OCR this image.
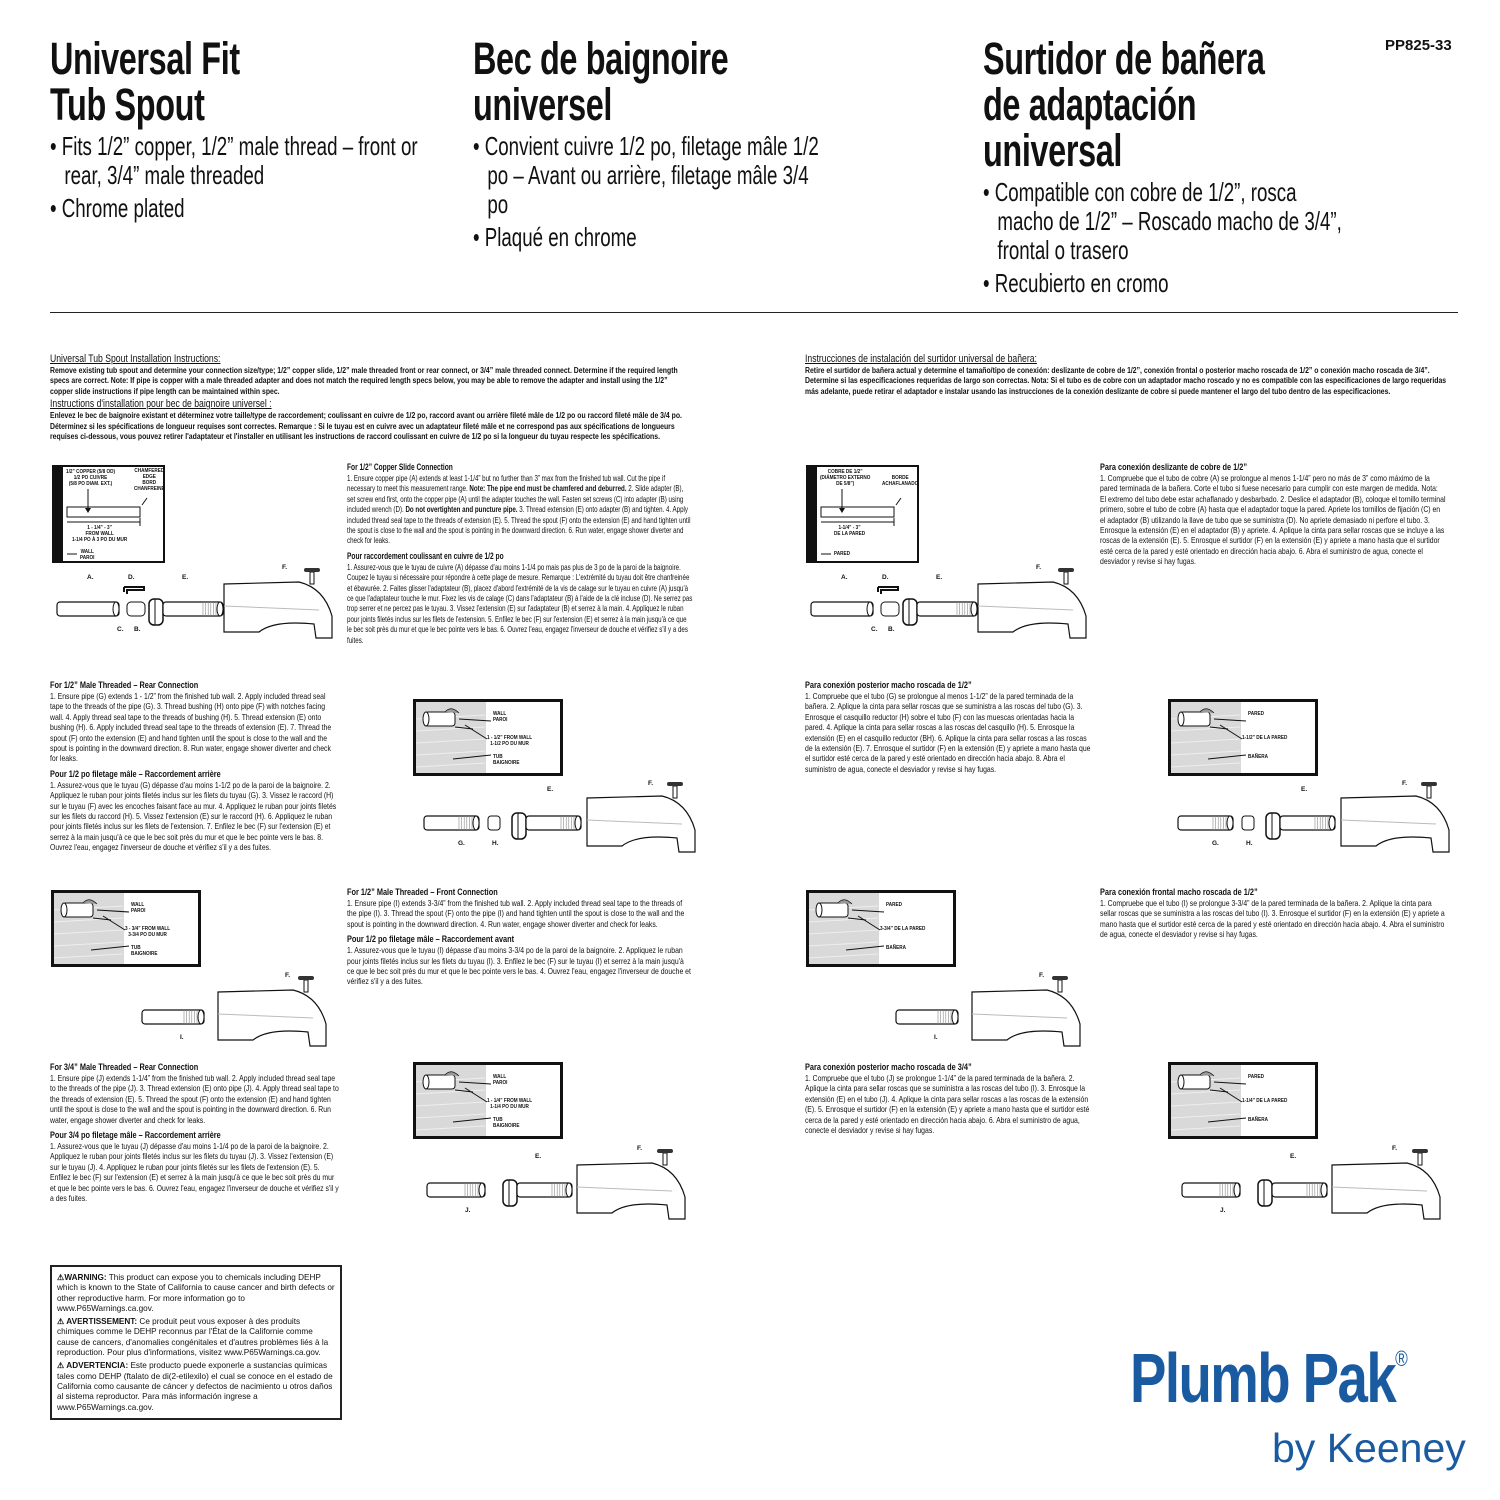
Universal Fit
Tub Spout
• Fits 1/2” copper, 1/2” male thread – front or rear, 3/4” male threaded
• Chrome plated
Bec de baignoire
universel
• Convient cuivre 1/2 po, filetage mâle 1/2 po – Avant ou arrière, filetage mâle 3/4 po
• Plaqué en chrome
Surtidor de bañera
de adaptación
universal
• Compatible con cobre de 1/2”, rosca macho de 1/2” – Roscado macho de 3/4”, frontal o trasero
• Recubierto en cromo
PP825-33
Universal Tub Spout Installation Instructions:

Remove existing tub spout and determine your connection size/type; 1/2” copper slide, 1/2” male threaded front or rear connect, or 3/4” male threaded connect. Determine if the required length specs are correct. Note: If pipe is copper with a male threaded adapter and does not match the required length specs below, you may be able to remove the adapter and install using the 1/2” copper slide instructions if pipe length can be maintained within spec.

Instructions d'installation pour bec de baignoire universel :

Enlevez le bec de baignoire existant et déterminez votre taille/type de raccordement; coulissant en cuivre de 1/2 po, raccord avant ou arrière fileté mâle de 1/2 po ou raccord fileté mâle de 3/4 po. Déterminez si les spécifications de longueur requises sont correctes. Remarque : Si le tuyau est en cuivre avec un adaptateur fileté mâle et ne correspond pas aux spécifications de longueurs requises ci-dessous, vous pouvez retirer l'adaptateur et l'installer en utilisant les instructions de raccord coulissant en cuivre de 1/2 po si la longueur du tuyau respecte les spécifications.

Instrucciones de instalación del surtidor universal de bañera:

Retire el surtidor de bañera actual y determine el tamaño/tipo de conexión: deslizante de cobre de 1/2”, conexión frontal o posterior macho roscada de 1/2” o conexión macho roscada de 3/4”. Determine si las especificaciones requeridas de largo son correctas. Nota: Si el tubo es de cobre con un adaptador macho roscado y no es compatible con las especificaciones de largo requeridas más adelante, puede retirar el adaptador e instalar usando las instrucciones de la conexión deslizante de cobre si puede mantener el largo del tubo dentro de las especificaciones.

For 1/2” Copper Slide Connection

1. Ensure copper pipe (A) extends at least 1-1/4” but no further than 3” max from the finished tub wall. Cut the pipe if necessary to meet this measurement range. Note: The pipe end must be chamfered and deburred. 2. Slide adapter (B), set screw end first, onto the copper pipe (A) until the adapter touches the wall. Fasten set screws (C) into adapter (B) using included wrench (D). Do not overtighten and puncture pipe. 3. Thread extension (E) onto adapter (B) and tighten. 4. Apply included thread seal tape to the threads of extension (E). 5. Thread the spout (F) onto the extension (E) and hand tighten until the spout is close to the wall and the spout is pointing in the downward direction. 6. Run water, engage shower diverter and check for leaks.

Pour raccordement coulissant en cuivre de 1/2 po

1. Assurez-vous que le tuyau de cuivre (A) dépasse d'au moins 1-1/4 po mais pas plus de 3 po de la paroi de la baignoire. Coupez le tuyau si nécessaire pour répondre à cette plage de mesure. Remarque : L'extrémité du tuyau doit être chanfreinée et ébavurée. 2. Faites glisser l'adaptateur (B), placez d'abord l'extrémité de la vis de calage sur le tuyau en cuivre (A) jusqu'à ce que l'adaptateur touche le mur. Fixez les vis de calage (C) dans l'adaptateur (B) à l'aide de la clé incluse (D). Ne serrez pas trop serrer et ne percez pas le tuyau. 3. Vissez l'extension (E) sur l'adaptateur (B) et serrez à la main. 4. Appliquez le ruban pour joints filetés inclus sur les filets de l'extension. 5. Enfilez le bec (F) sur l'extension (E) et serrez à la main jusqu'à ce que le bec soit près du mur et que le bec pointe vers le bas. 6. Ouvrez l'eau, engagez l'inverseur de douche et vérifiez s'il y a des fuites.

Para conexión deslizante de cobre de 1/2”

1. Compruebe que el tubo de cobre (A) se prolongue al menos 1-1/4” pero no más de 3” como máximo de la pared terminada de la bañera. Corte el tubo si fuese necesario para cumplir con este margen de medida. Nota: El extremo del tubo debe estar achaflanado y desbarbado. 2. Deslice el adaptador (B), coloque el tornillo terminal primero, sobre el tubo de cobre (A) hasta que el adaptador toque la pared. Apriete los tornillos de fijación (C) en el adaptador (B) utilizando la llave de tubo que se suministra (D). No apriete demasiado ni perfore el tubo. 3. Enrosque la extensión (E) en el adaptador (B) y apriete. 4. Aplique la cinta para sellar roscas que se incluye a las roscas de la extensión (E). 5. Enrosque el surtidor (F) en la extensión (E) y apriete a mano hasta que el surtidor esté cerca de la pared y esté orientado en dirección hacia abajo. 6. Abra el suministro de agua, conecte el desviador y revise si hay fugas.

For 1/2” Male Threaded – Rear Connection

1. Ensure pipe (G) extends 1 - 1/2” from the finished tub wall. 2. Apply included thread seal tape to the threads of the pipe (G). 3. Thread bushing (H) onto pipe (F) with notches facing wall. 4. Apply thread seal tape to the threads of bushing (H). 5. Thread extension (E) onto bushing (H). 6. Apply included thread seal tape to the threads of extension (E). 7. Thread the spout (F) onto the extension (E) and hand tighten until the spout is close to the wall and the spout is pointing in the downward direction. 8. Run water, engage shower diverter and check for leaks.

Pour 1/2 po filetage mâle – Raccordement arrière

1. Assurez-vous que le tuyau (G) dépasse d'au moins 1-1/2 po de la paroi de la baignoire. 2. Appliquez le ruban pour joints filetés inclus sur les filets du tuyau (G). 3. Vissez le raccord (H) sur le tuyau (F) avec les encoches faisant face au mur. 4. Appliquez le ruban pour joints filetés sur les filets du raccord (H). 5. Vissez l'extension (E) sur le raccord (H). 6. Appliquez le ruban pour joints filetés inclus sur les filets de l'extension. 7. Enfilez le bec (F) sur l'extension (E) et serrez à la main jusqu'à ce que le bec soit près du mur et que le bec pointe vers le bas. 8. Ouvrez l'eau, engagez l'inverseur de douche et vérifiez s'il y a des fuites.

Para conexión posterior macho roscada de 1/2”

1. Compruebe que el tubo (G) se prolongue al menos 1-1/2” de la pared terminada de la bañera. 2. Aplique la cinta para sellar roscas que se suministra a las roscas del tubo (G). 3. Enrosque el casquillo reductor (H) sobre el tubo (F) con las muescas orientadas hacia la pared. 4. Aplique la cinta para sellar roscas a las roscas del casquillo (H). 5. Enrosque la extensión (E) en el casquillo reductor (BH). 6. Aplique la cinta para sellar roscas a las roscas de la extensión (E). 7. Enrosque el surtidor (F) en la extensión (E) y apriete a mano hasta que el surtidor esté cerca de la pared y esté orientado en dirección hacia abajo. 8. Abra el suministro de agua, conecte el desviador y revise si hay fugas.

For 1/2” Male Threaded – Front Connection

1. Ensure pipe (I) extends 3-3/4” from the finished tub wall. 2. Apply included thread seal tape to the threads of the pipe (I). 3. Thread the spout (F) onto the pipe (I) and hand tighten until the spout is close to the wall and the spout is pointing in the downward direction. 4. Run water, engage shower diverter and check for leaks.

Pour 1/2 po filetage mâle – Raccordement avant

1. Assurez-vous que le tuyau (I) dépasse d'au moins 3-3/4 po de la paroi de la baignoire. 2. Appliquez le ruban pour joints filetés inclus sur les filets du tuyau (I). 3. Enfilez le bec (F) sur le tuyau (I) et serrez à la main jusqu'à ce que le bec soit près du mur et que le bec pointe vers le bas. 4. Ouvrez l'eau, engagez l'inverseur de douche et vérifiez s'il y a des fuites.

Para conexión frontal macho roscada de 1/2”

1. Compruebe que el tubo (I) se prolongue 3-3/4” de la pared terminada de la bañera. 2. Aplique la cinta para sellar roscas que se suministra a las roscas del tubo (I). 3. Enrosque el surtidor (F) en la extensión (E) y apriete a mano hasta que el surtidor esté cerca de la pared y esté orientado en dirección hacia abajo. 4. Abra el suministro de agua, conecte el desviador y revise si hay fugas.

For 3/4” Male Threaded – Rear Connection

1. Ensure pipe (J) extends 1-1/4” from the finished tub wall. 2. Apply included thread seal tape to the threads of the pipe (J). 3. Thread extension (E) onto pipe (J). 4. Apply thread seal tape to the threads of extension (E). 5. Thread the spout (F) onto the extension (E) and hand tighten until the spout is close to the wall and the spout is pointing in the downward direction. 6. Run water, engage shower diverter and check for leaks.

Pour 3/4 po filetage mâle – Raccordement arrière

1. Assurez-vous que le tuyau (J) dépasse d'au moins 1-1/4 po de la paroi de la baignoire. 2. Appliquez le ruban pour joints filetés inclus sur les filets du tuyau (J). 3. Vissez l'extension (E) sur le tuyau (J). 4. Appliquez le ruban pour joints filetés sur les filets de l'extension (E). 5. Enfilez le bec (F) sur l'extension (E) et serrez à la main jusqu'à ce que le bec soit près du mur et que le bec pointe vers le bas. 6. Ouvrez l'eau, engagez l'inverseur de douche et vérifiez s'il y a des fuites.

Para conexión posterior macho roscada de 3/4”

1. Compruebe que el tubo (J) se prolongue 1-1/4” de la pared terminada de la bañera. 2. Aplique la cinta para sellar roscas que se suministra a las roscas del tubo (I). 3. Enrosque la extensión (E) en el tubo (J). 4. Aplique la cinta para sellar roscas a las roscas de la extensión (E). 5. Enrosque el surtidor (F) en la extensión (E) y apriete a mano hasta que el surtidor esté cerca de la pared y esté orientado en dirección hacia abajo. 6. Abra el suministro de agua, conecte el desviador y revise si hay fugas.

⚠WARNING: This product can expose you to chemicals including DEHP which is known to the State of California to cause cancer and birth defects or other reproductive harm. For more information go to www.P65Warnings.ca.gov.

⚠ AVERTISSEMENT: Ce produit peut vous exposer à des produits chimiques comme le DEHP reconnus par l'État de la Californie comme cause de cancers, d'anomalies congénitales et d'autres problèmes liés à la reproduction. Pour plus d'informations, visitez www.P65Warnings.ca.gov.

⚠ ADVERTENCIA: Este producto puede exponerle a sustancias químicas tales como DEHP (ftalato de di(2-etilexilo) el cual se conoce en el estado de California como causante de cáncer y defectos de nacimiento u otros daños al sistema reproductor. Para más información ingrese a www.P65Warnings.ca.gov.	Plumb Pak®
by Keeney
1/2” COPPER (5/8 OD)
1/2 PO CUIVRE
(5/8 PO DIAM. EXT.)
CHAMFERED
EDGE
BORD
CHANFREINE
1 - 1/4” - 3”
FROM WALL
1-1/4 PO À 3 PO DU MUR
WALL
PAROI
COBRE DE 1/2”
(DIÁMETRO EXTERNO
DE 5/8”)
BORDE
ACHAFLANADO
1-1/4” - 3”
DE LA PARED
PARED
A.	D.	E.
F.
C. B.
A.	D.	E.
F.
C. B.
WALL
PAROI
1 - 1/2” FROM WALL
1-1/2 PO DU MUR
TUB
BAIGNOIRE
PARED
1-1/2” DE LA PARED
BAÑERA
E.
F.
G.	H.
E.
F.
G.	H.
WALL
PAROI
3 - 3/4” FROM WALL
3-3/4 PO DU MUR
TUB
BAIGNOIRE
PARED
3-3/4” DE LA PARED
BAÑERA
I.
F.
I.
F.
WALL
PAROI
1 - 1/4” FROM WALL
1-1/4 PO DU MUR
TUB
BAIGNOIRE
PARED
1-1/4” DE LA PARED
BAÑERA
J.
E.
F.
J.
E.
F.
